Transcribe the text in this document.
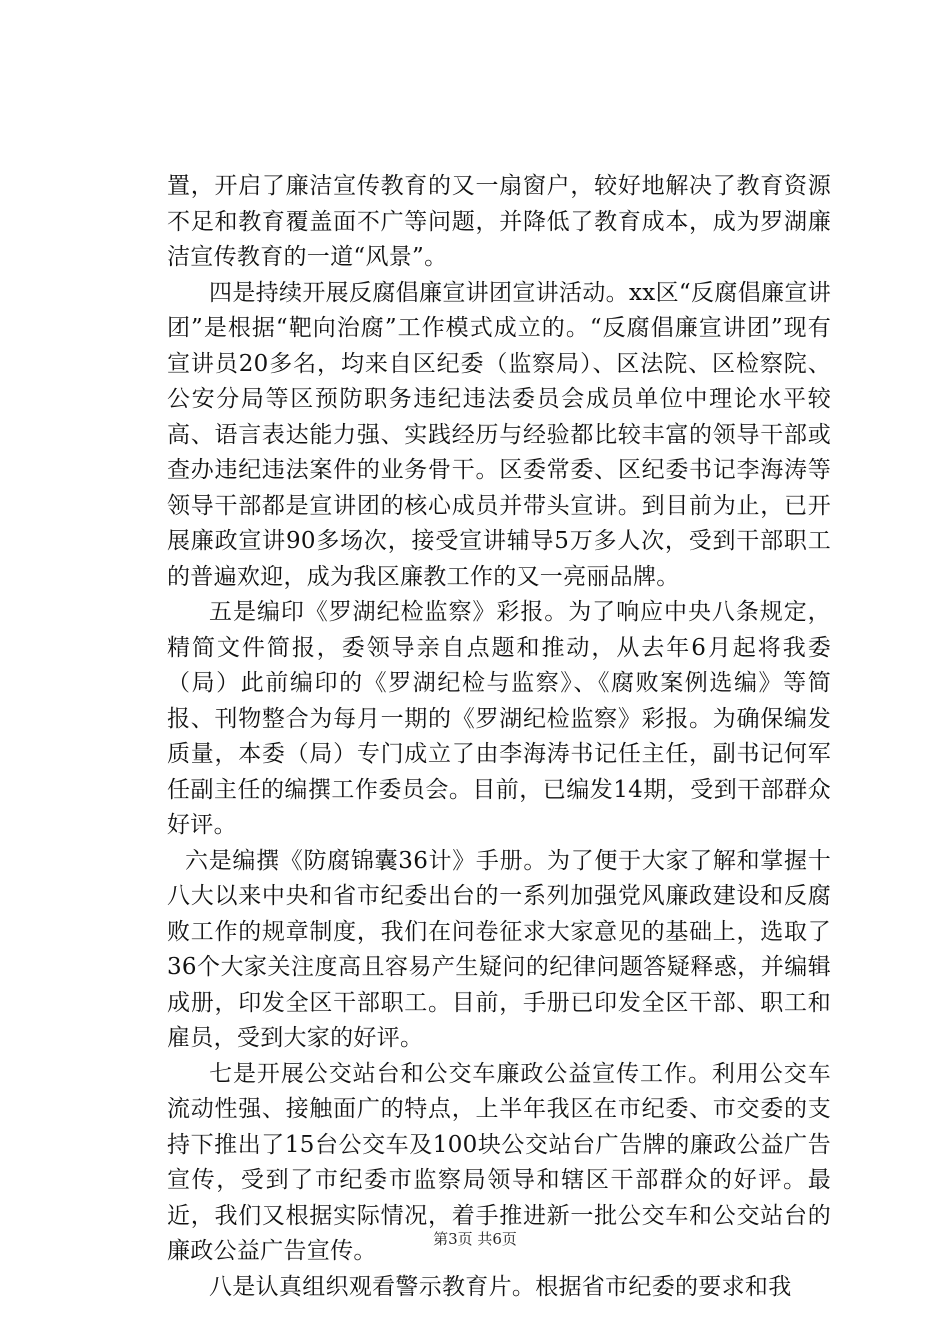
置，开启了廉洁宣传教育的又一扇窗户，较好地解决了教育资源不足和教育覆盖面不广等问题，并降低了教育成本，成为罗湖廉洁宣传教育的一道“风景”。

四是持续开展反腐倡廉宣讲团宣讲活动。xx区“反腐倡廉宣讲团”是根据“靶向治腐”工作模式成立的。“反腐倡廉宣讲团”现有宣讲员20多名，均来自区纪委（监察局）、区法院、区检察院、公安分局等区预防职务违纪违法委员会成员单位中理论水平较高、语言表达能力强、实践经历与经验都比较丰富的领导干部或查办违纪违法案件的业务骨干。区委常委、区纪委书记李海涛等领导干部都是宣讲团的核心成员并带头宣讲。到目前为止，已开展廉政宣讲90多场次，接受宣讲辅导5万多人次，受到干部职工的普遍欢迎，成为我区廉教工作的又一亮丽品牌。

五是编印《罗湖纪检监察》彩报。为了响应中央八条规定，精简文件简报，委领导亲自点题和推动，从去年6月起将我委（局）此前编印的《罗湖纪检与监察》、《腐败案例选编》等简报、刊物整合为每月一期的《罗湖纪检监察》彩报。为确保编发质量，本委（局）专门成立了由李海涛书记任主任，副书记何军任副主任的编撰工作委员会。目前，已编发14期，受到干部群众好评。

六是编撰《防腐锦囊36计》手册。为了便于大家了解和掌握十八大以来中央和省市纪委出台的一系列加强党风廉政建设和反腐败工作的规章制度，我们在问卷征求大家意见的基础上，选取了36个大家关注度高且容易产生疑问的纪律问题答疑释惑，并编辑成册，印发全区干部职工。目前，手册已印发全区干部、职工和雇员，受到大家的好评。

七是开展公交站台和公交车廉政公益宣传工作。利用公交车流动性强、接触面广的特点，上半年我区在市纪委、市交委的支持下推出了15台公交车及100块公交站台广告牌的廉政公益广告宣传，受到了市纪委市监察局领导和辖区干部群众的好评。最近，我们又根据实际情况，着手推进新一批公交车和公交站台的廉政公益广告宣传。

八是认真组织观看警示教育片。根据省市纪委的要求和我

第3页 共6页
